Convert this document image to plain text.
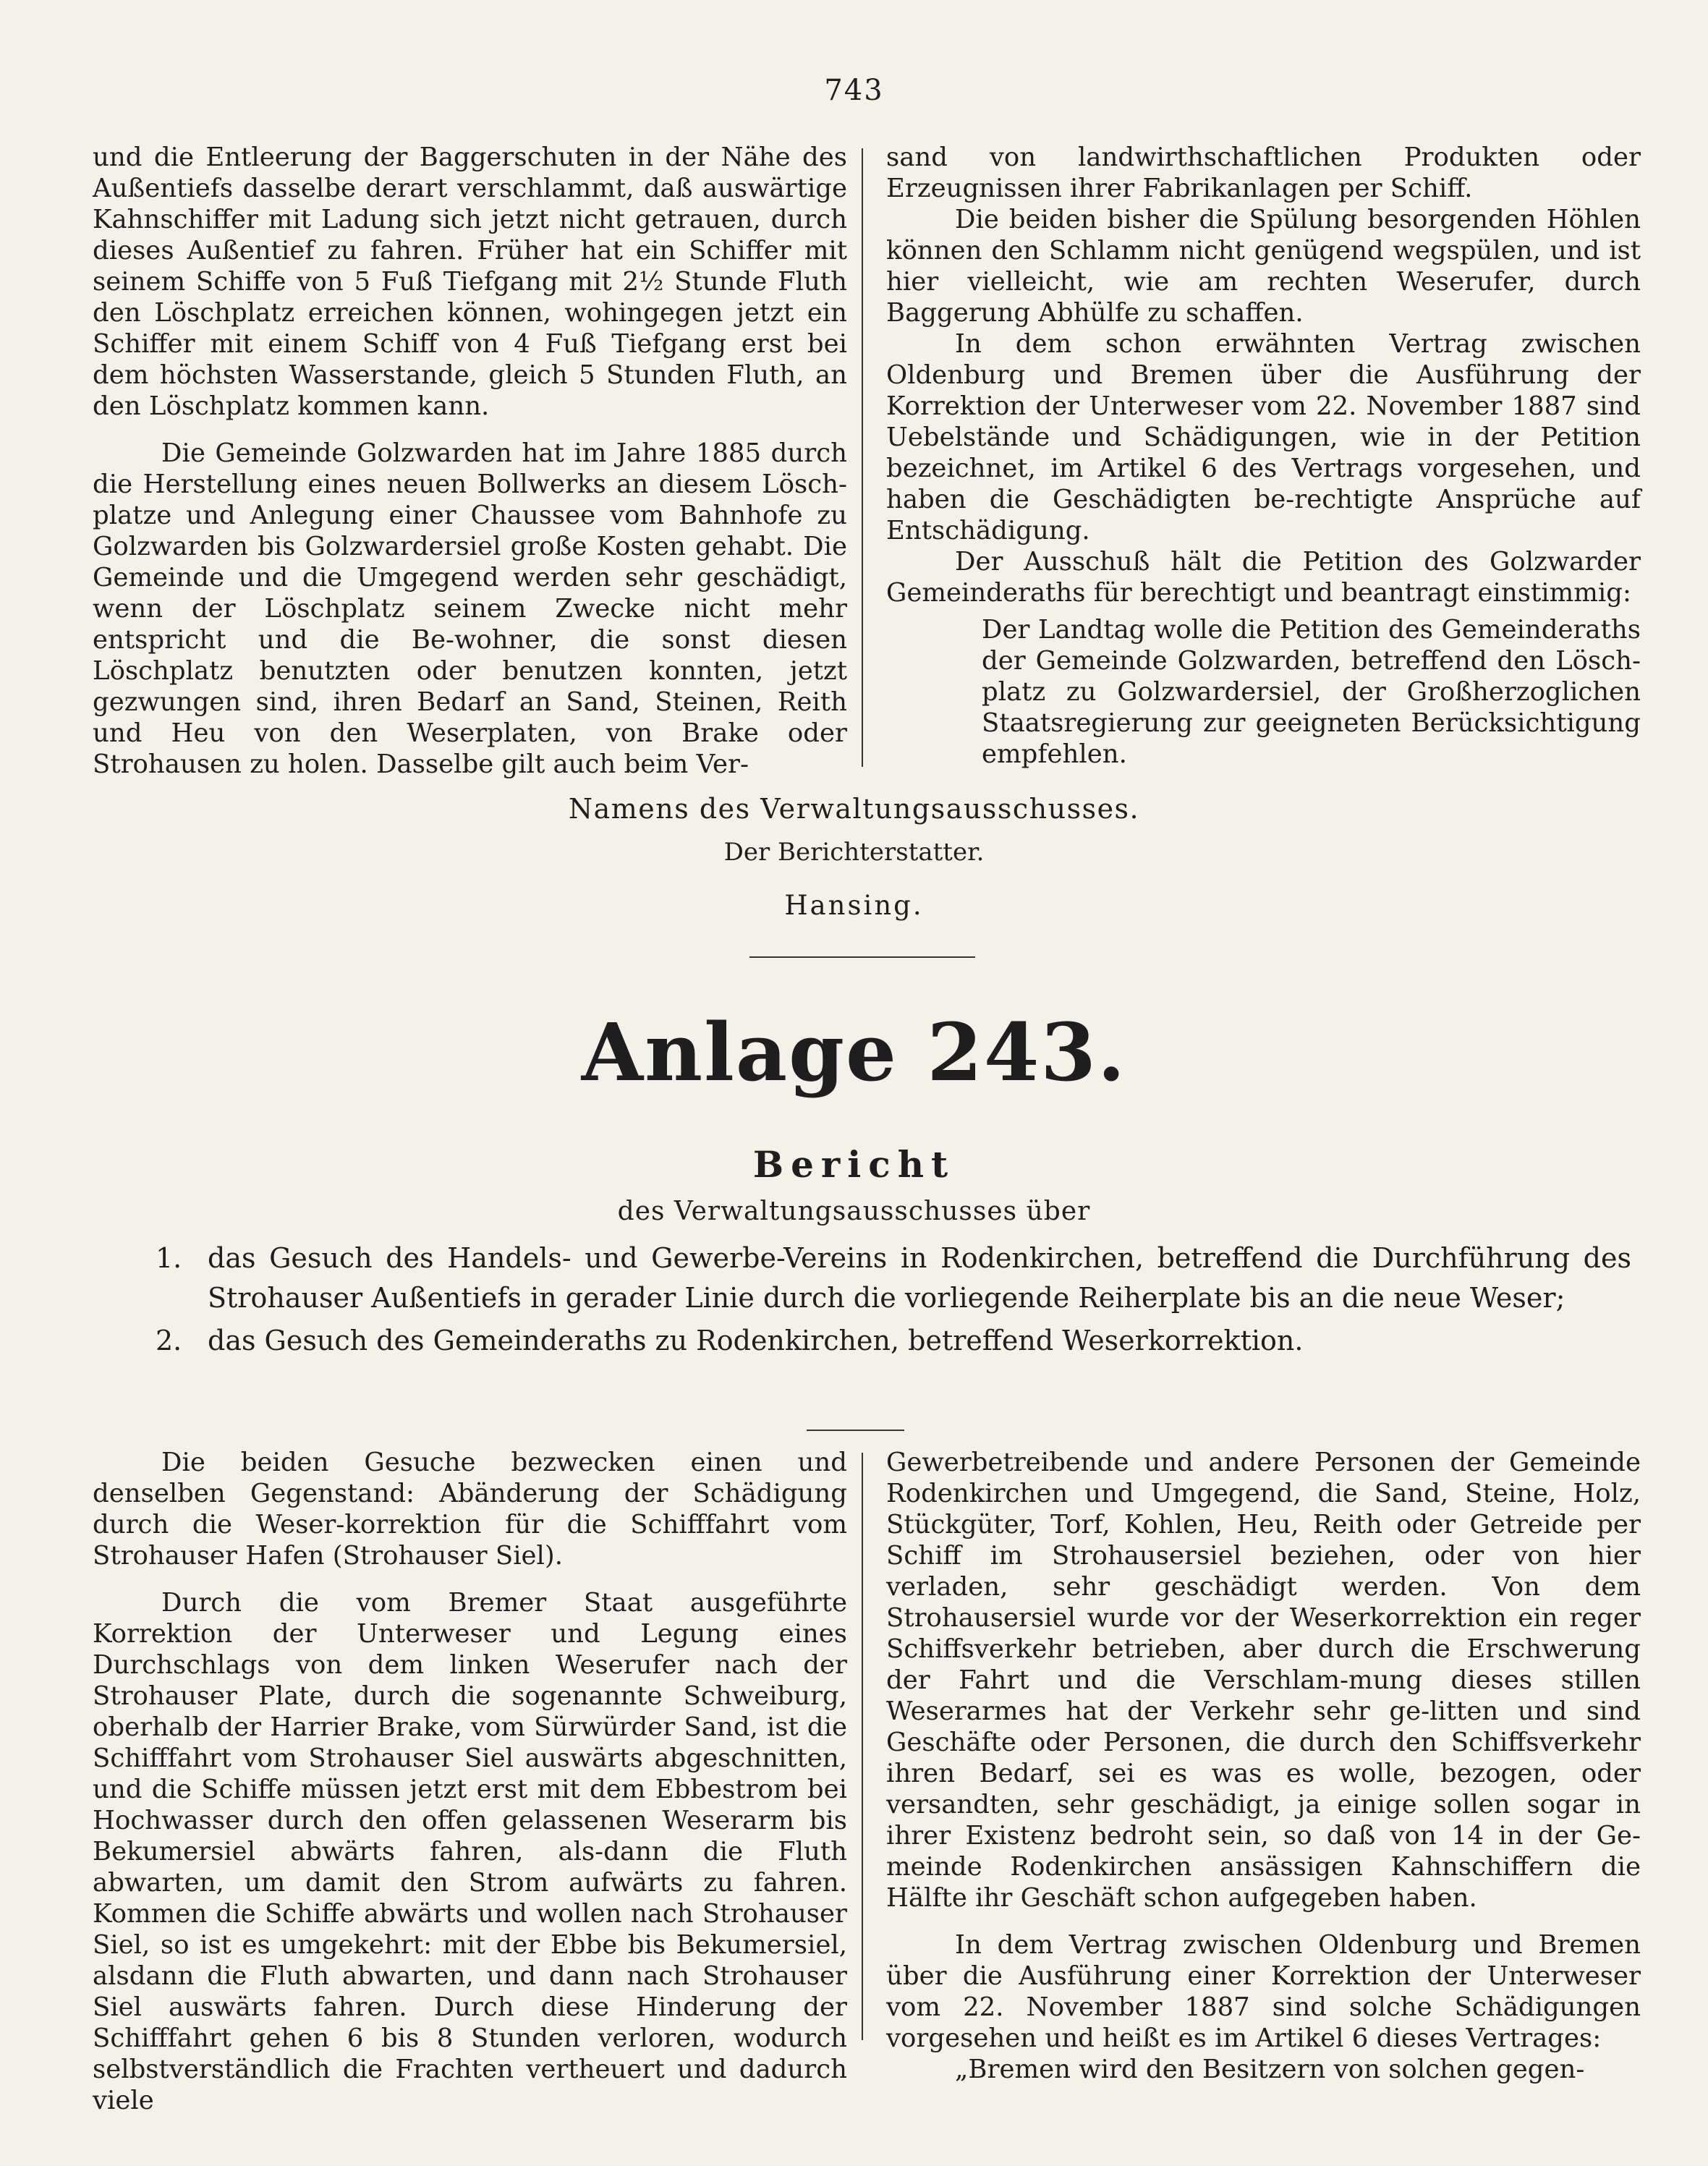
743

und die Entleerung der Baggerschuten in der Nähe des Außentiefs dasselbe derart verschlammt, daß auswärtige Kahnschiffer mit Ladung sich jetzt nicht getrauen, durch dieses Außentief zu fahren. Früher hat ein Schiffer mit seinem Schiffe von 5 Fuß Tiefgang mit 2½ Stunde Fluth den Löschplatz erreichen können, wohingegen jetzt ein Schiffer mit einem Schiff von 4 Fuß Tiefgang erst bei dem höchsten Wasserstande, gleich 5 Stunden Fluth, an den Löschplatz kommen kann.

Die Gemeinde Golzwarden hat im Jahre 1885 durch die Herstellung eines neuen Bollwerks an diesem Lösch-platze und Anlegung einer Chaussee vom Bahnhofe zu Golzwarden bis Golzwardersiel große Kosten gehabt. Die Gemeinde und die Umgegend werden sehr geschädigt, wenn der Löschplatz seinem Zwecke nicht mehr entspricht und die Be-wohner, die sonst diesen Löschplatz benutzten oder benutzen konnten, jetzt gezwungen sind, ihren Bedarf an Sand, Steinen, Reith und Heu von den Weserplaten, von Brake oder Strohausen zu holen. Dasselbe gilt auch beim Ver-

sand von landwirthschaftlichen Produkten oder Erzeugnissen ihrer Fabrikanlagen per Schiff.

Die beiden bisher die Spülung besorgenden Höhlen können den Schlamm nicht genügend wegspülen, und ist hier vielleicht, wie am rechten Weserufer, durch Baggerung Abhülfe zu schaffen.

In dem schon erwähnten Vertrag zwischen Oldenburg und Bremen über die Ausführung der Korrektion der Unterweser vom 22. November 1887 sind Uebelstände und Schädigungen, wie in der Petition bezeichnet, im Artikel 6 des Vertrags vorgesehen, und haben die Geschädigten be-rechtigte Ansprüche auf Entschädigung.

Der Ausschuß hält die Petition des Golzwarder Gemeinderaths für berechtigt und beantragt einstimmig:

Der Landtag wolle die Petition des Gemeinderaths der Gemeinde Golzwarden, betreffend den Lösch-platz zu Golzwardersiel, der Großherzoglichen Staatsregierung zur geeigneten Berücksichtigung empfehlen.

Namens des Verwaltungsausschusses.
Der Berichterstatter.
Hansing.
Anlage 243.
Bericht
des Verwaltungsausschusses über
1. das Gesuch des Handels- und Gewerbe-Vereins in Rodenkirchen, betreffend die Durchführung des Strohauser Außentiefs in gerader Linie durch die vorliegende Reiherplate bis an die neue Weser;
2. das Gesuch des Gemeinderaths zu Rodenkirchen, betreffend Weserkorrektion.

Die beiden Gesuche bezwecken einen und denselben Gegenstand: Abänderung der Schädigung durch die Weser-korrektion für die Schifffahrt vom Strohauser Hafen (Strohauser Siel).

Durch die vom Bremer Staat ausgeführte Korrektion der Unterweser und Legung eines Durchschlags von dem linken Weserufer nach der Strohauser Plate, durch die sogenannte Schweiburg, oberhalb der Harrier Brake, vom Sürwürder Sand, ist die Schifffahrt vom Strohauser Siel auswärts abgeschnitten, und die Schiffe müssen jetzt erst mit dem Ebbestrom bei Hochwasser durch den offen gelassenen Weserarm bis Bekumersiel abwärts fahren, als-dann die Fluth abwarten, um damit den Strom aufwärts zu fahren. Kommen die Schiffe abwärts und wollen nach Strohauser Siel, so ist es umgekehrt: mit der Ebbe bis Bekumersiel, alsdann die Fluth abwarten, und dann nach Strohauser Siel auswärts fahren. Durch diese Hinderung der Schifffahrt gehen 6 bis 8 Stunden verloren, wodurch selbstverständlich die Frachten vertheuert und dadurch viele

Gewerbetreibende und andere Personen der Gemeinde Rodenkirchen und Umgegend, die Sand, Steine, Holz, Stückgüter, Torf, Kohlen, Heu, Reith oder Getreide per Schiff im Strohausersiel beziehen, oder von hier verladen, sehr geschädigt werden. Von dem Strohausersiel wurde vor der Weserkorrektion ein reger Schiffsverkehr betrieben, aber durch die Erschwerung der Fahrt und die Verschlam-mung dieses stillen Weserarmes hat der Verkehr sehr ge-litten und sind Geschäfte oder Personen, die durch den Schiffsverkehr ihren Bedarf, sei es was es wolle, bezogen, oder versandten, sehr geschädigt, ja einige sollen sogar in ihrer Existenz bedroht sein, so daß von 14 in der Ge-meinde Rodenkirchen ansässigen Kahnschiffern die Hälfte ihr Geschäft schon aufgegeben haben.

In dem Vertrag zwischen Oldenburg und Bremen über die Ausführung einer Korrektion der Unterweser vom 22. November 1887 sind solche Schädigungen vorgesehen und heißt es im Artikel 6 dieses Vertrages:

„Bremen wird den Besitzern von solchen gegen-
